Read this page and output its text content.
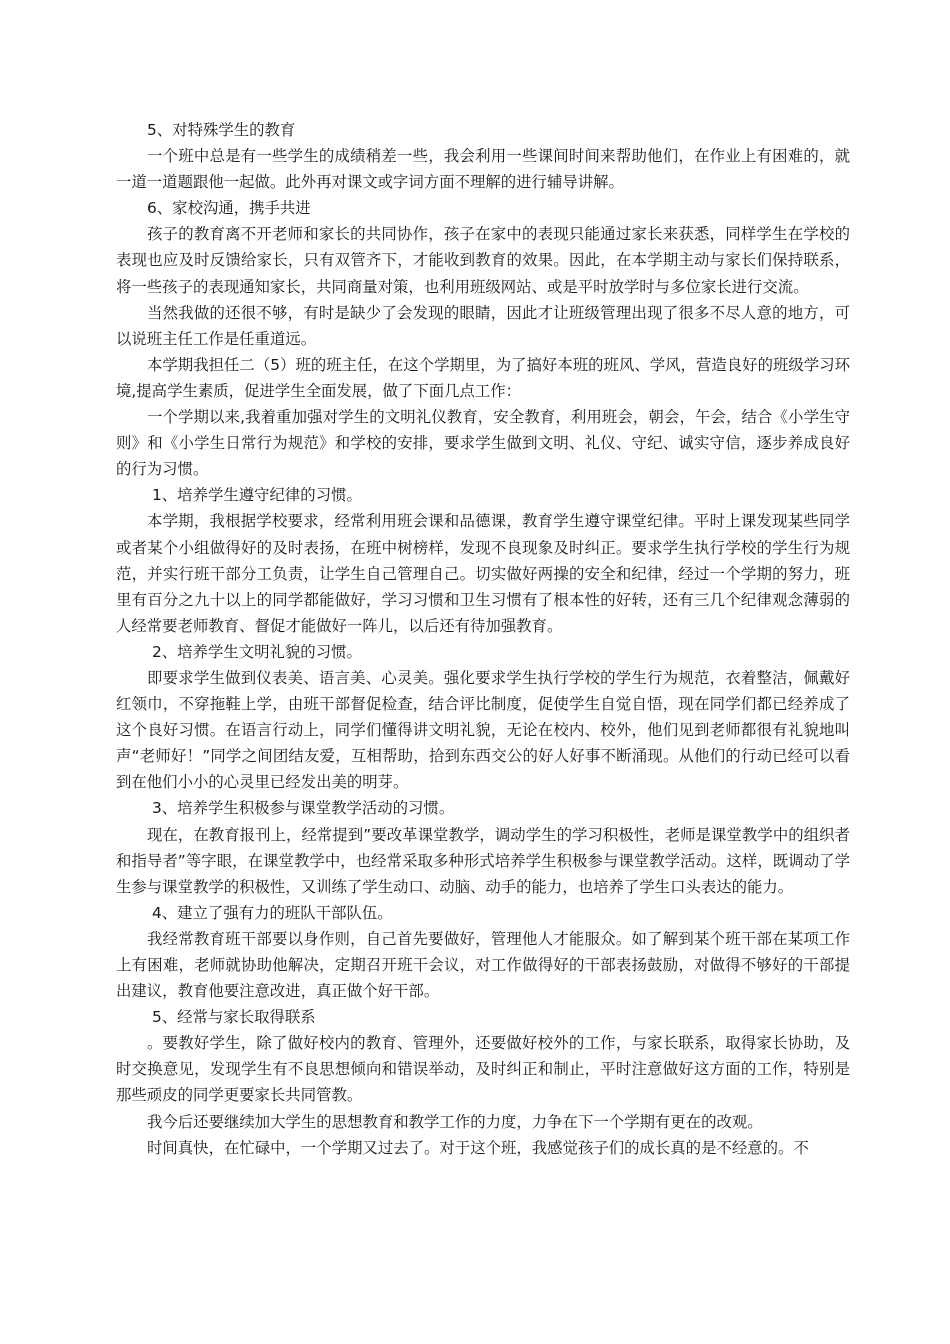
5、对特殊学生的教育

一个班中总是有一些学生的成绩稍差一些，我会利用一些课间时间来帮助他们，在作业上有困难的，就一道一道题跟他一起做。此外再对课文或字词方面不理解的进行辅导讲解。

6、家校沟通，携手共进

孩子的教育离不开老师和家长的共同协作，孩子在家中的表现只能通过家长来获悉，同样学生在学校的表现也应及时反馈给家长，只有双管齐下，才能收到教育的效果。因此，在本学期主动与家长们保持联系，将一些孩子的表现通知家长，共同商量对策，也利用班级网站、或是平时放学时与多位家长进行交流。

当然我做的还很不够，有时是缺少了会发现的眼睛，因此才让班级管理出现了很多不尽人意的地方，可以说班主任工作是任重道远。

本学期我担任二（5）班的班主任，在这个学期里，为了搞好本班的班风、学风，营造良好的班级学习环境,提高学生素质，促进学生全面发展，做了下面几点工作：

一个学期以来,我着重加强对学生的文明礼仪教育，安全教育，利用班会，朝会，午会，结合《小学生守则》和《小学生日常行为规范》和学校的安排，要求学生做到文明、礼仪、守纪、诚实守信，逐步养成良好的行为习惯。

1、培养学生遵守纪律的习惯。

本学期，我根据学校要求，经常利用班会课和品德课，教育学生遵守课堂纪律。平时上课发现某些同学或者某个小组做得好的及时表扬，在班中树榜样，发现不良现象及时纠正。要求学生执行学校的学生行为规范，并实行班干部分工负责，让学生自己管理自己。切实做好两操的安全和纪律，经过一个学期的努力，班里有百分之九十以上的同学都能做好，学习习惯和卫生习惯有了根本性的好转，还有三几个纪律观念薄弱的人经常要老师教育、督促才能做好一阵儿，以后还有待加强教育。

2、培养学生文明礼貌的习惯。

即要求学生做到仪表美、语言美、心灵美。强化要求学生执行学校的学生行为规范，衣着整洁，佩戴好红领巾，不穿拖鞋上学，由班干部督促检查，结合评比制度，促使学生自觉自悟，现在同学们都已经养成了这个良好习惯。在语言行动上，同学们懂得讲文明礼貌，无论在校内、校外，他们见到老师都很有礼貌地叫声“老师好！”同学之间团结友爱，互相帮助，拾到东西交公的好人好事不断涌现。从他们的行动已经可以看到在他们小小的心灵里已经发出美的明芽。

3、培养学生积极参与课堂教学活动的习惯。

现在，在教育报刊上，经常提到”要改革课堂教学，调动学生的学习积极性，老师是课堂教学中的组织者和指导者”等字眼，在课堂教学中，也经常采取多种形式培养学生积极参与课堂教学活动。这样，既调动了学生参与课堂教学的积极性，又训练了学生动口、动脑、动手的能力，也培养了学生口头表达的能力。

4、建立了强有力的班队干部队伍。

我经常教育班干部要以身作则，自己首先要做好，管理他人才能服众。如了解到某个班干部在某项工作上有困难，老师就协助他解决，定期召开班干会议，对工作做得好的干部表扬鼓励，对做得不够好的干部提出建议，教育他要注意改进，真正做个好干部。

5、经常与家长取得联系

。要教好学生，除了做好校内的教育、管理外，还要做好校外的工作，与家长联系，取得家长协助，及时交换意见，发现学生有不良思想倾向和错误举动，及时纠正和制止，平时注意做好这方面的工作，特别是那些顽皮的同学更要家长共同管教。

我今后还要继续加大学生的思想教育和教学工作的力度，力争在下一个学期有更在的改观。

时间真快，在忙碌中，一个学期又过去了。对于这个班，我感觉孩子们的成长真的是不经意的。不
